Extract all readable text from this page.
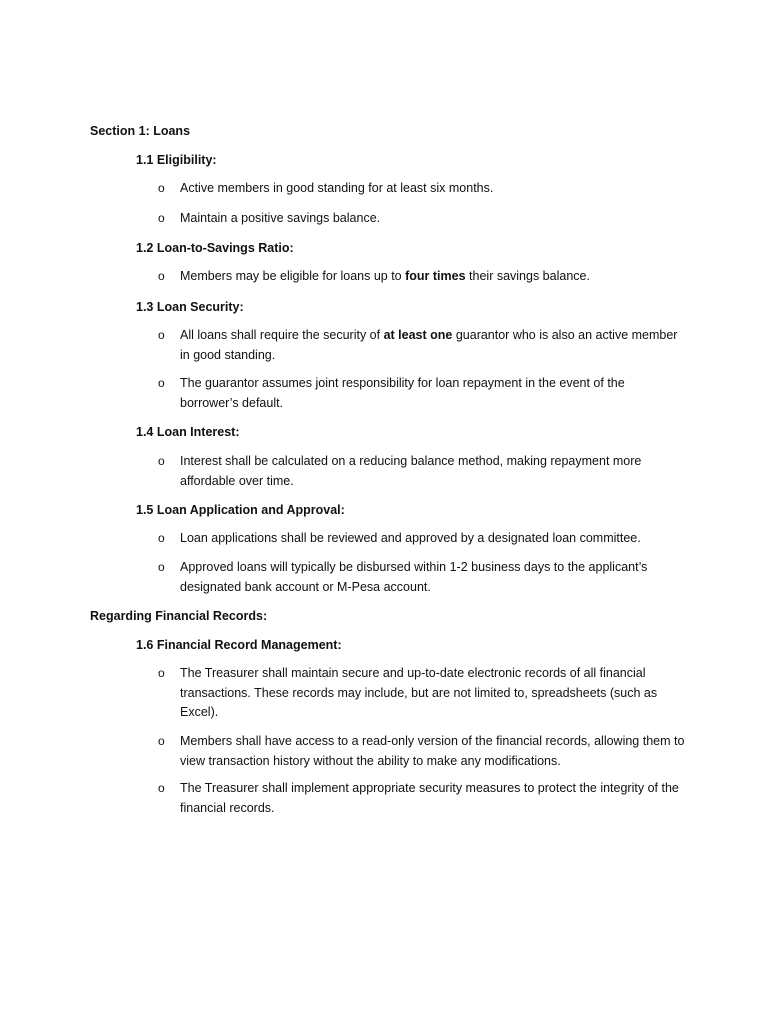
Section 1: Loans
1.1 Eligibility:
o	Active members in good standing for at least six months.
o	Maintain a positive savings balance.
1.2 Loan-to-Savings Ratio:
o	Members may be eligible for loans up to four times their savings balance.
1.3 Loan Security:
o	All loans shall require the security of at least one guarantor who is also an active member in good standing.
o	The guarantor assumes joint responsibility for loan repayment in the event of the borrower’s default.
1.4 Loan Interest:
o	Interest shall be calculated on a reducing balance method, making repayment more affordable over time.
1.5 Loan Application and Approval:
o	Loan applications shall be reviewed and approved by a designated loan committee.
o	Approved loans will typically be disbursed within 1-2 business days to the applicant’s designated bank account or M-Pesa account.
Regarding Financial Records:
1.6 Financial Record Management:
o	The Treasurer shall maintain secure and up-to-date electronic records of all financial transactions. These records may include, but are not limited to, spreadsheets (such as Excel).
o	Members shall have access to a read-only version of the financial records, allowing them to view transaction history without the ability to make any modifications.
o	The Treasurer shall implement appropriate security measures to protect the integrity of the financial records.
